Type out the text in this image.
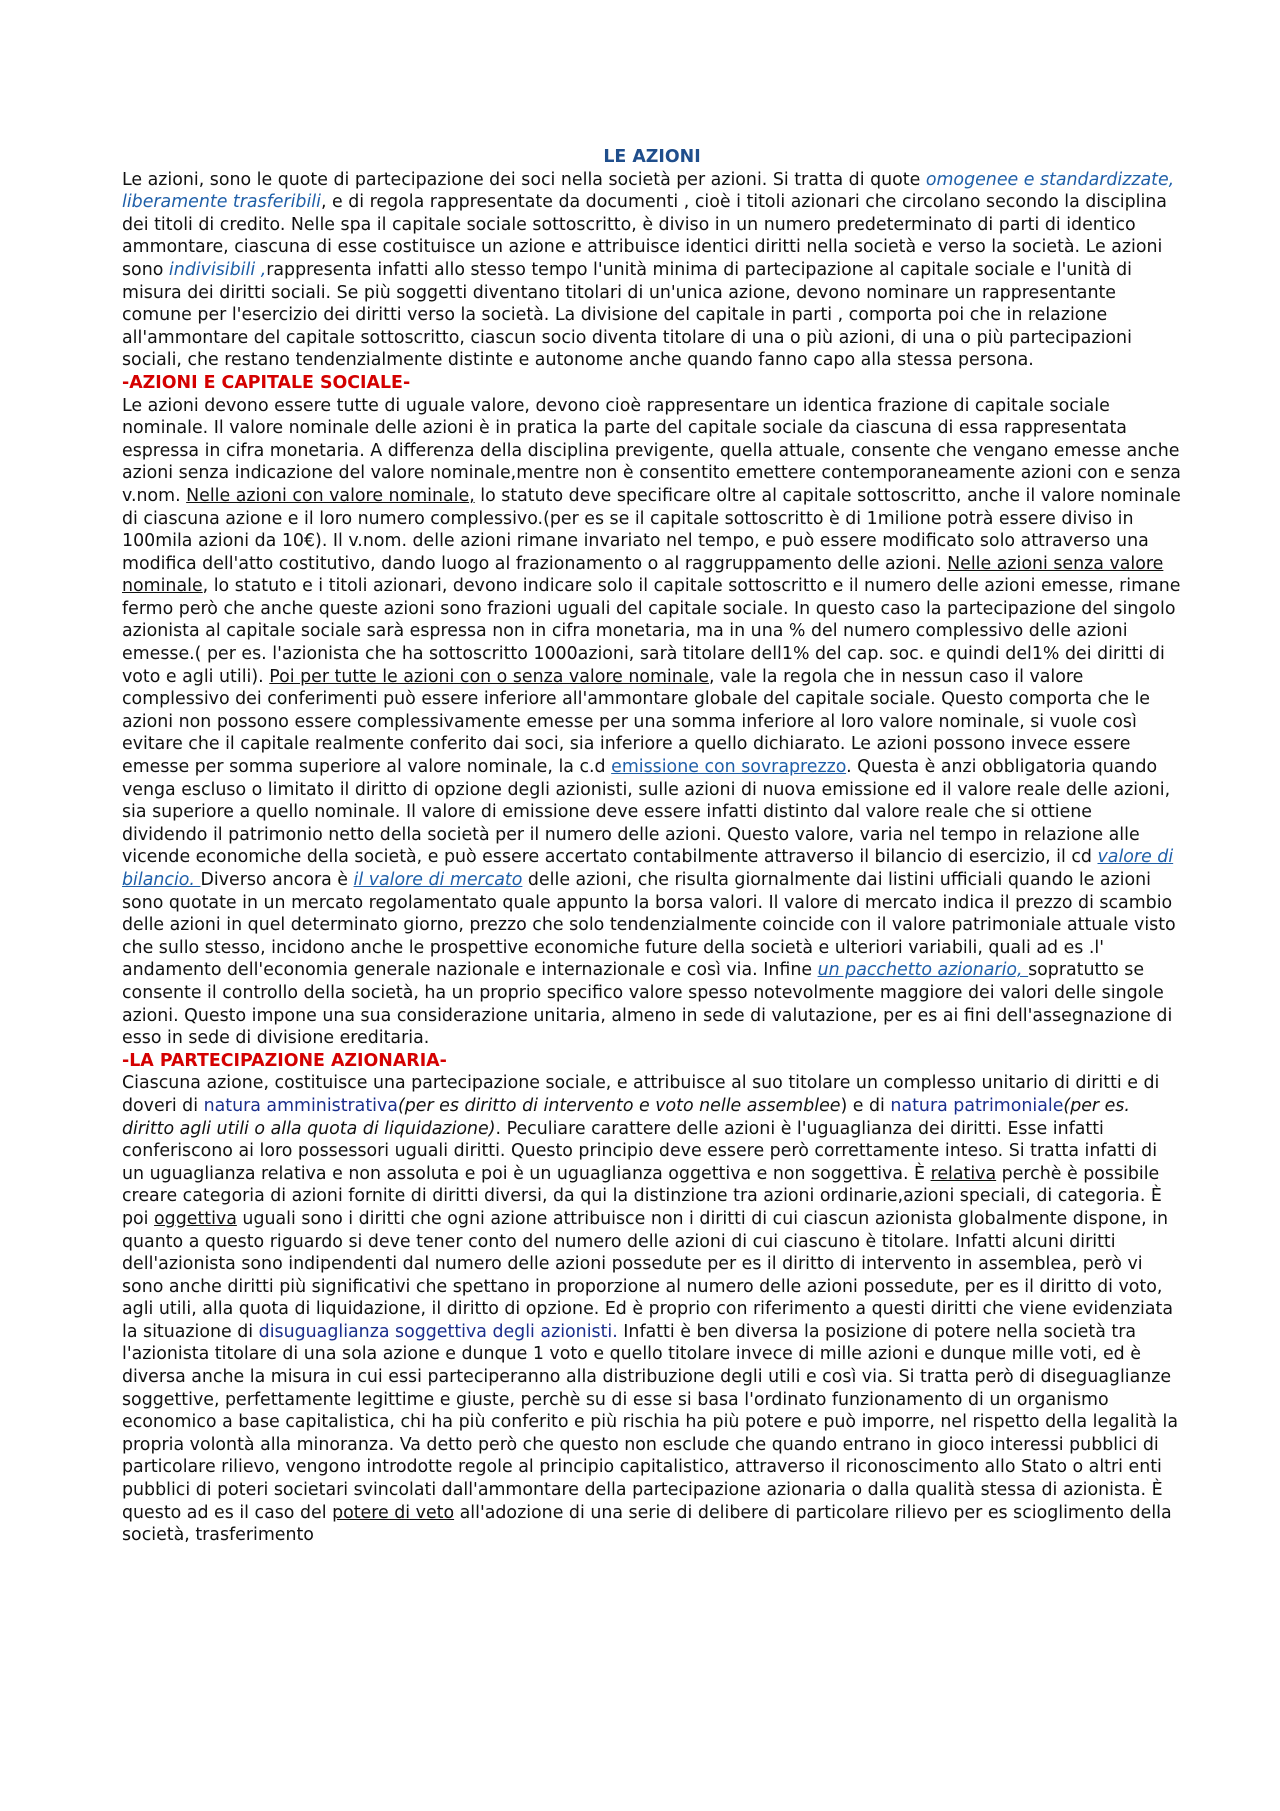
LE AZIONI

Le azioni, sono le quote di partecipazione dei soci nella società per azioni. Si tratta di quote omogenee e standardizzate, liberamente trasferibili, e di regola rappresentate da documenti , cioè i titoli azionari che circolano secondo la disciplina dei titoli di credito. Nelle spa il capitale sociale sottoscritto, è diviso in un numero predeterminato di parti di identico ammontare, ciascuna di esse costituisce un azione e attribuisce identici diritti nella società e verso la società. Le azioni sono indivisibili ,rappresenta infatti allo stesso tempo l'unità minima di partecipazione al capitale sociale e l'unità di misura dei diritti sociali. Se più soggetti diventano titolari di un'unica azione, devono nominare un rappresentante comune per l'esercizio dei diritti verso la società. La divisione del capitale in parti , comporta poi che in relazione all'ammontare del capitale sottoscritto, ciascun socio diventa titolare di una o più azioni, di una o più partecipazioni sociali, che restano tendenzialmente distinte e autonome anche quando fanno capo alla stessa persona.

-AZIONI E CAPITALE SOCIALE-

Le azioni devono essere tutte di uguale valore, devono cioè rappresentare un identica frazione di capitale sociale nominale. Il valore nominale delle azioni è in pratica la parte del capitale sociale da ciascuna di essa rappresentata espressa in cifra monetaria. A differenza della disciplina previgente, quella attuale, consente che vengano emesse anche azioni senza indicazione del valore nominale,mentre non è consentito emettere contemporaneamente azioni con e senza v.nom. Nelle azioni con valore nominale, lo statuto deve specificare oltre al capitale sottoscritto, anche il valore nominale di ciascuna azione e il loro numero complessivo.(per es se il capitale sottoscritto è di 1milione potrà essere diviso in 100mila azioni da 10€). Il v.nom. delle azioni rimane invariato nel tempo, e può essere modificato solo attraverso una modifica dell'atto costitutivo, dando luogo al frazionamento o al raggruppamento delle azioni. Nelle azioni senza valore nominale, lo statuto e i titoli azionari, devono indicare solo il capitale sottoscritto e il numero delle azioni emesse, rimane fermo però che anche queste azioni sono frazioni uguali del capitale sociale. In questo caso la partecipazione del singolo azionista al capitale sociale sarà espressa non in cifra monetaria, ma in una % del numero complessivo delle azioni emesse.( per es. l'azionista che ha sottoscritto 1000azioni, sarà titolare dell1% del cap. soc. e quindi del1% dei diritti di voto e agli utili). Poi per tutte le azioni con o senza valore nominale, vale la regola che in nessun caso il valore complessivo dei conferimenti può essere inferiore all'ammontare globale del capitale sociale. Questo comporta che le azioni non possono essere complessivamente emesse per una somma inferiore al loro valore nominale, si vuole così evitare che il capitale realmente conferito dai soci, sia inferiore a quello dichiarato. Le azioni possono invece essere emesse per somma superiore al valore nominale, la c.d emissione con sovraprezzo. Questa è anzi obbligatoria quando venga escluso o limitato il diritto di opzione degli azionisti, sulle azioni di nuova emissione ed il valore reale delle azioni, sia superiore a quello nominale. Il valore di emissione deve essere infatti distinto dal valore reale che si ottiene dividendo il patrimonio netto della società per il numero delle azioni. Questo valore, varia nel tempo in relazione alle vicende economiche della società, e può essere accertato contabilmente attraverso il bilancio di esercizio, il cd valore di bilancio. Diverso ancora è il valore di mercato delle azioni, che risulta giornalmente dai listini ufficiali quando le azioni sono quotate in un mercato regolamentato quale appunto la borsa valori. Il valore di mercato indica il prezzo di scambio delle azioni in quel determinato giorno, prezzo che solo tendenzialmente coincide con il valore patrimoniale attuale visto che sullo stesso, incidono anche le prospettive economiche future della società e ulteriori variabili, quali ad es .l' andamento dell'economia generale nazionale e internazionale e così via. Infine un pacchetto azionario, sopratutto se consente il controllo della società, ha un proprio specifico valore spesso notevolmente maggiore dei valori delle singole azioni. Questo impone una sua considerazione unitaria, almeno in sede di valutazione, per es ai fini dell'assegnazione di esso in sede di divisione ereditaria.

-LA PARTECIPAZIONE AZIONARIA-

Ciascuna azione, costituisce una partecipazione sociale, e attribuisce al suo titolare un complesso unitario di diritti e di doveri di natura amministrativa(per es diritto di intervento e voto nelle assemblee) e di natura patrimoniale(per es. diritto agli utili o alla quota di liquidazione). Peculiare carattere delle azioni è l'uguaglianza dei diritti. Esse infatti conferiscono ai loro possessori uguali diritti. Questo principio deve essere però correttamente inteso. Si tratta infatti di un uguaglianza relativa e non assoluta e poi è un uguaglianza oggettiva e non soggettiva. È relativa perchè è possibile creare categoria di azioni fornite di diritti diversi, da qui la distinzione tra azioni ordinarie,azioni speciali, di categoria. È poi oggettiva uguali sono i diritti che ogni azione attribuisce non i diritti di cui ciascun azionista globalmente dispone, in quanto a questo riguardo si deve tener conto del numero delle azioni di cui ciascuno è titolare. Infatti alcuni diritti dell'azionista sono indipendenti dal numero delle azioni possedute per es il diritto di intervento in assemblea, però vi sono anche diritti più significativi che spettano in proporzione al numero delle azioni possedute, per es il diritto di voto, agli utili, alla quota di liquidazione, il diritto di opzione. Ed è proprio con riferimento a questi diritti che viene evidenziata la situazione di disuguaglianza soggettiva degli azionisti. Infatti è ben diversa la posizione di potere nella società tra l'azionista titolare di una sola azione e dunque 1 voto e quello titolare invece di mille azioni e dunque mille voti, ed è diversa anche la misura in cui essi parteciperanno alla distribuzione degli utili e così via. Si tratta però di diseguaglianze soggettive, perfettamente legittime e giuste, perchè su di esse si basa l'ordinato funzionamento di un organismo economico a base capitalistica, chi ha più conferito e più rischia ha più potere e può imporre, nel rispetto della legalità la propria volontà alla minoranza. Va detto però che questo non esclude che quando entrano in gioco interessi pubblici di particolare rilievo, vengono introdotte regole al principio capitalistico, attraverso il riconoscimento allo Stato o altri enti pubblici di poteri societari svincolati dall'ammontare della partecipazione azionaria o dalla qualità stessa di azionista. È questo ad es il caso del potere di veto all'adozione di una serie di delibere di particolare rilievo per es scioglimento della società, trasferimento
